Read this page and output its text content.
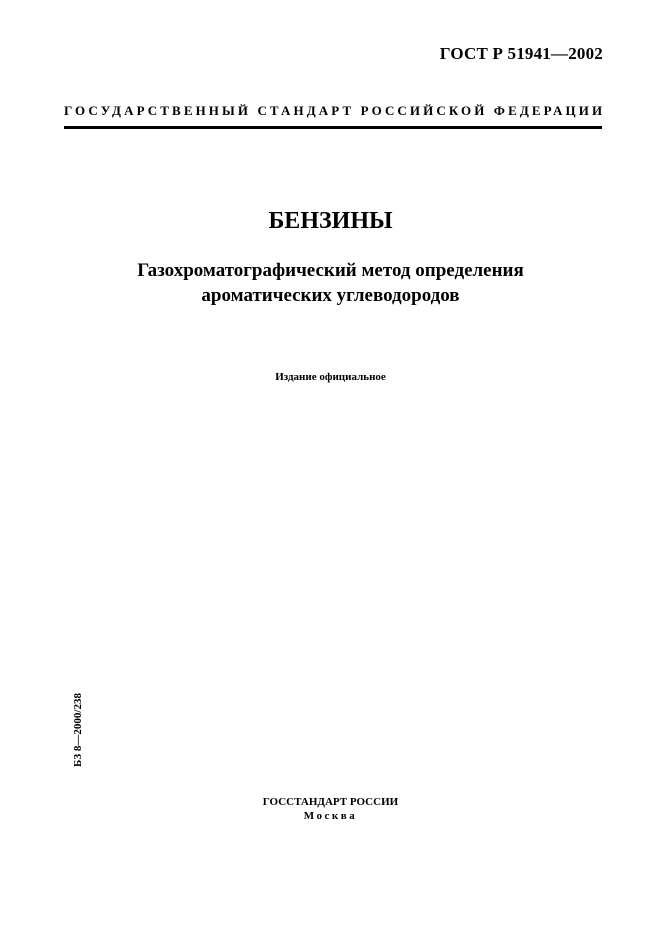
ГОСТ Р 51941—2002
ГОСУДАРСТВЕННЫЙ СТАНДАРТ РОССИЙСКОЙ ФЕДЕРАЦИИ
БЕНЗИНЫ
Газохроматографический метод определения
ароматических углеводородов
Издание официальное
БЗ 8—2000/238
ГОССТАНДАРТ РОССИИ
Москва
